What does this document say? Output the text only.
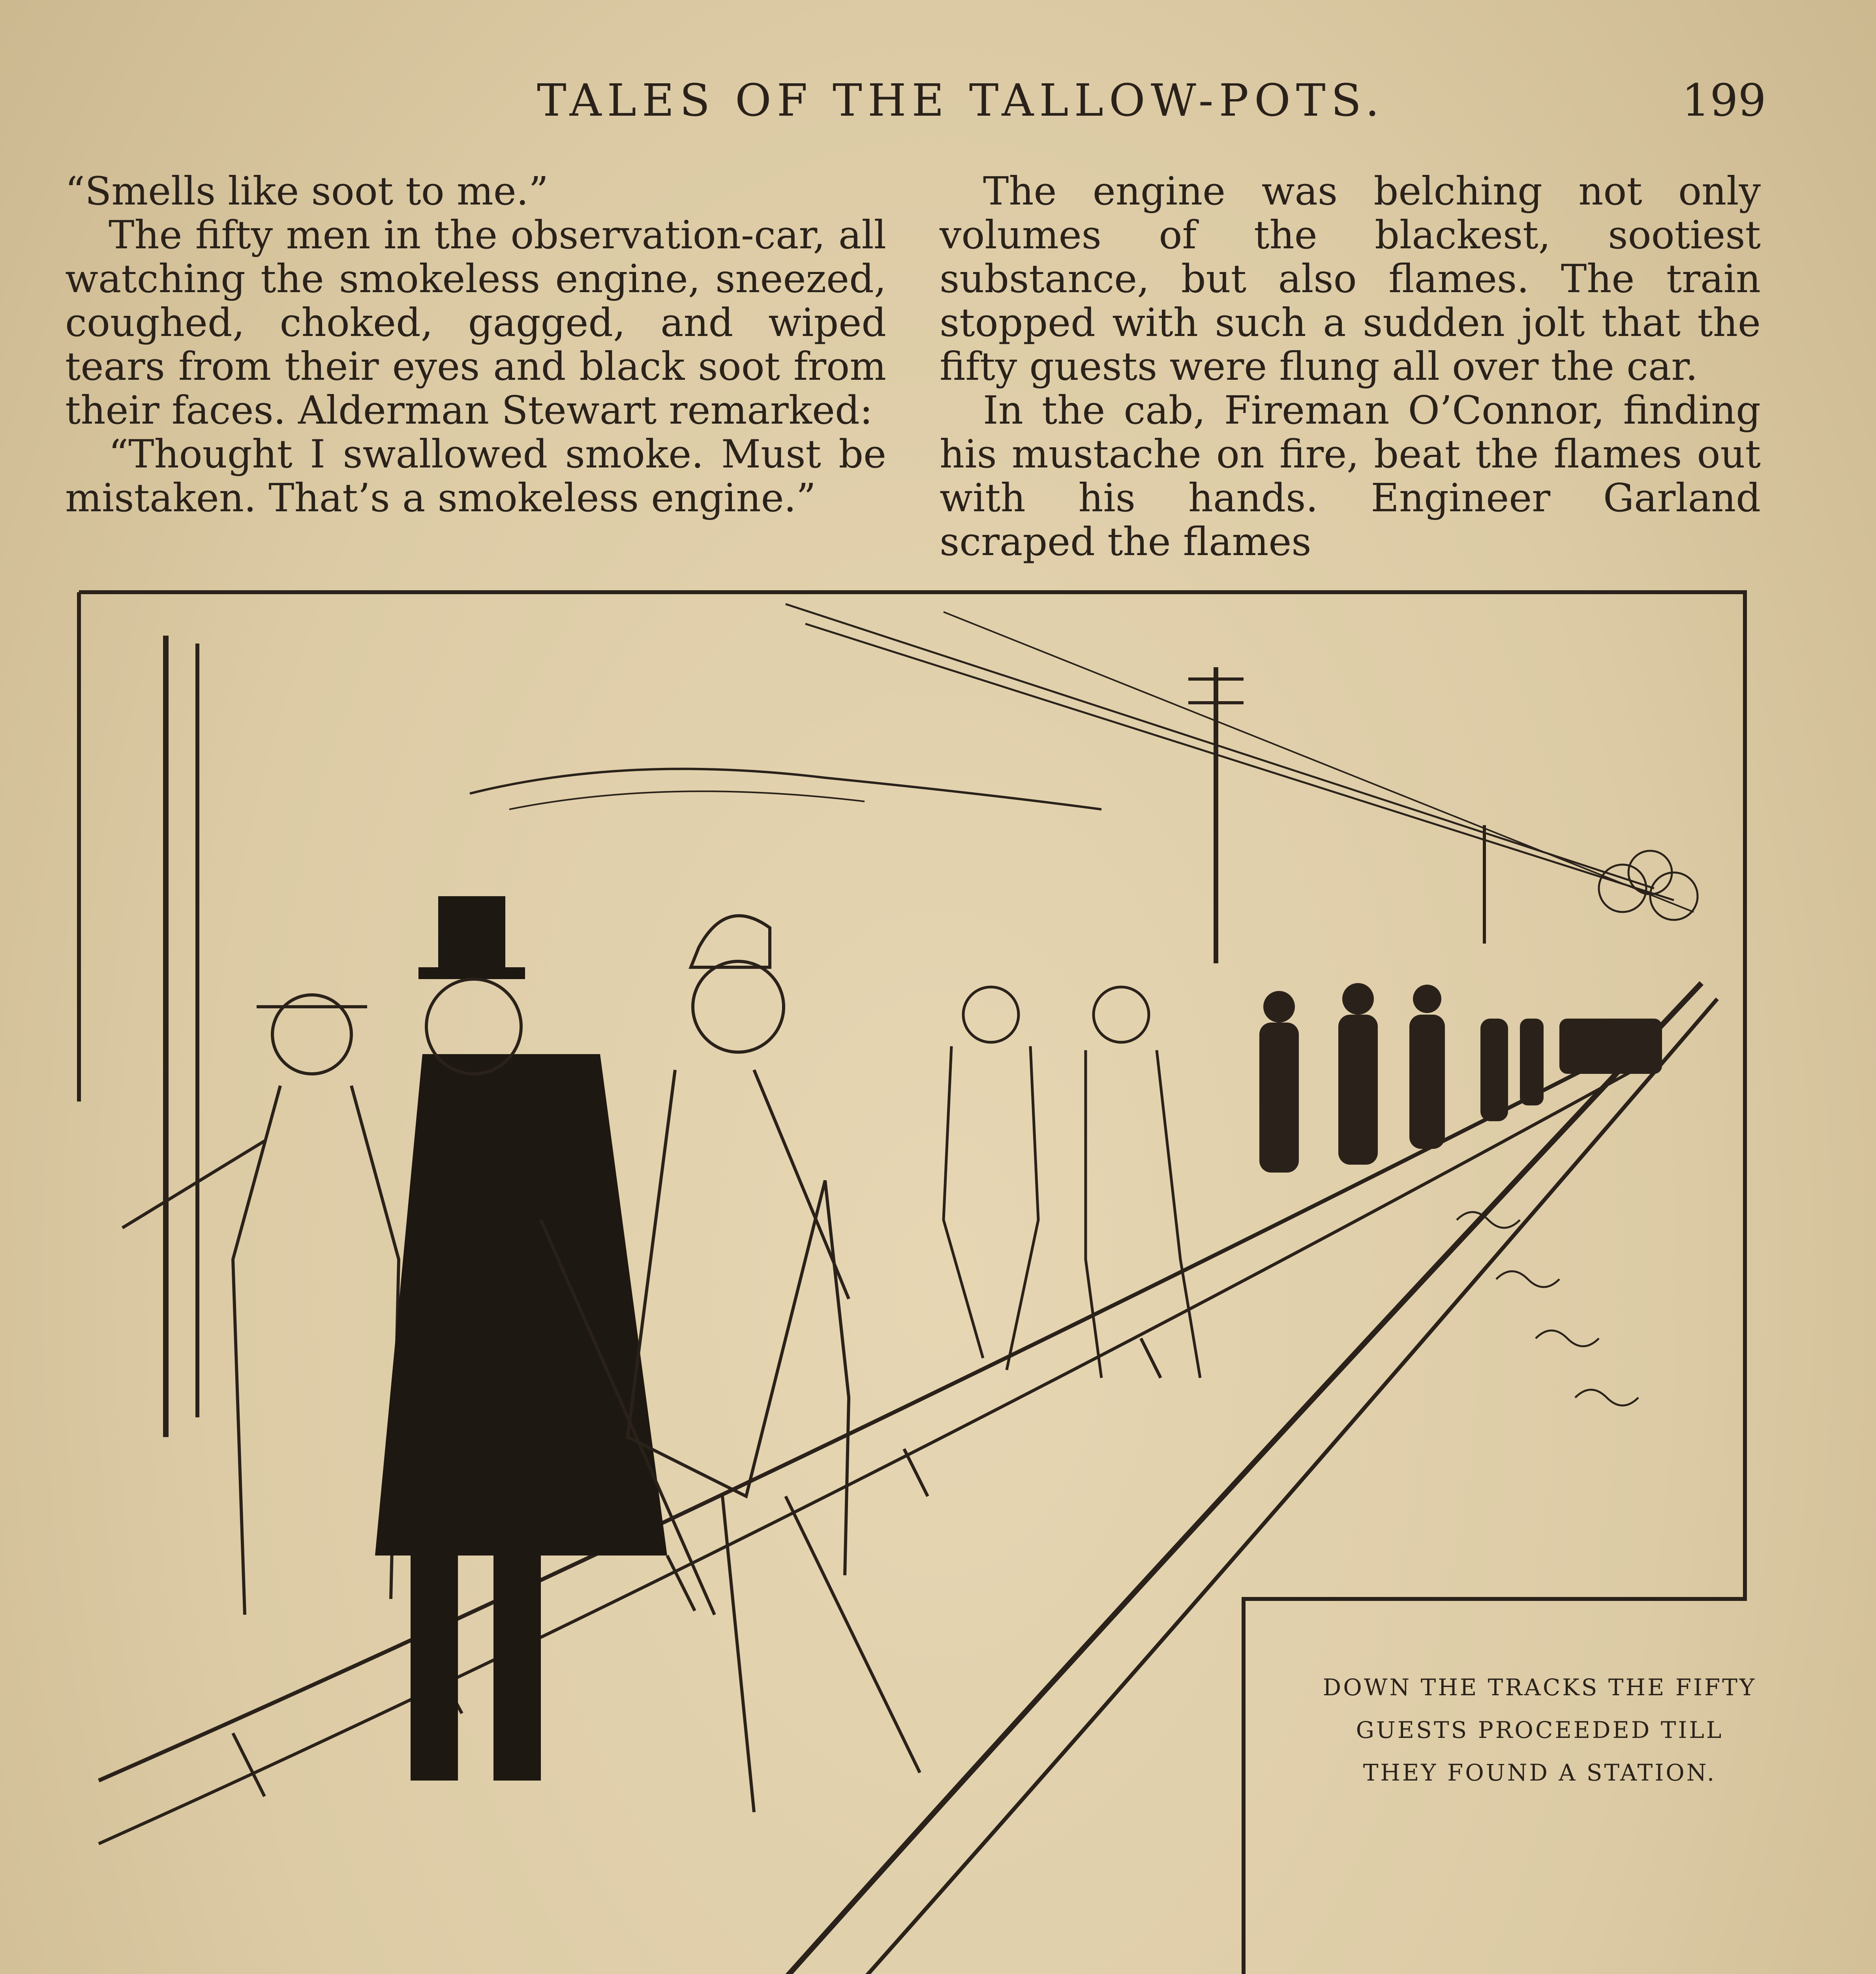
TALES OF THE TALLOW-POTS.	199

“Smells like soot to me.”

The fifty men in the observation-car, all watching the smokeless engine, sneezed, coughed, choked, gagged, and wiped tears from their eyes and black soot from their faces. Alderman Stewart remarked:

“Thought I swallowed smoke. Must be mistaken. That’s a smokeless engine.”

The engine was belching not only volumes of the blackest, sootiest substance, but also flames. The train stopped with such a sudden jolt that the fifty guests were flung all over the car.

In the cab, Fireman O’Connor, finding his mustache on fire, beat the flames out with his hands. Engineer Garland scraped the flames

DOWN THE TRACKS THE FIFTY
GUESTS PROCEEDED TILL
THEY FOUND A STATION.
